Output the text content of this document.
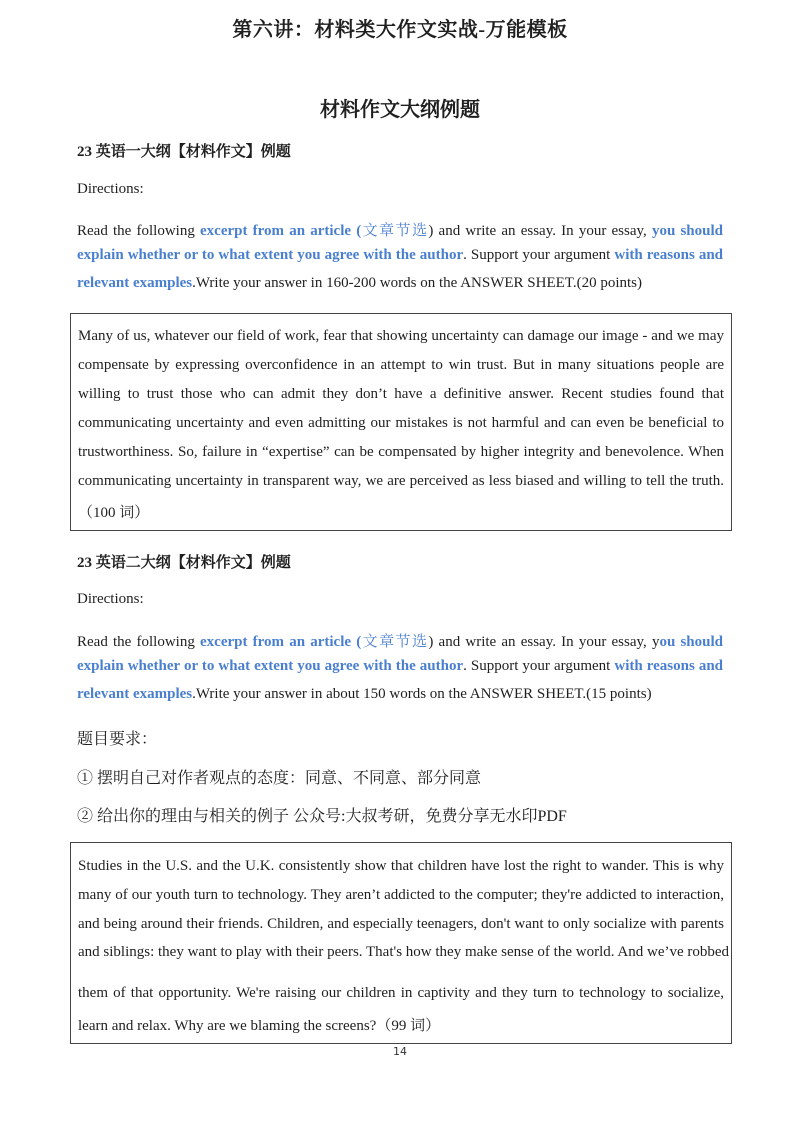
第六讲：材料类大作文实战-万能模板
材料作文大纲例题
23 英语一大纲【材料作文】例题
Directions:
Read the following excerpt from an article (文章节选) and write an essay. In your essay, you should
explain whether or to what extent you agree with the author. Support your argument with reasons and
relevant examples.Write your answer in 160-200 words on the ANSWER SHEET.(20 points)
Many of us, whatever our field of work, fear that showing uncertainty can damage our image - and we may
compensate by expressing overconfidence in an attempt to win trust. But in many situations people are
willing to trust those who can admit they don’t have a definitive answer. Recent studies found that
communicating uncertainty and even admitting our mistakes is not harmful and can even be beneficial to
trustworthiness. So, failure in “expertise” can be compensated by higher integrity and benevolence. When
communicating uncertainty in transparent way, we are perceived as less biased and willing to tell the truth.
（100 词）
23 英语二大纲【材料作文】例题
Directions:
Read the following excerpt from an article (文章节选) and write an essay. In your essay, you should
explain whether or to what extent you agree with the author. Support your argument with reasons and
relevant examples.Write your answer in about 150 words on the ANSWER SHEET.(15 points)
题目要求：
① 摆明自己对作者观点的态度：同意、不同意、部分同意
② 给出你的理由与相关的例子 公众号:大叔考研，免费分享无水印PDF
Studies in the U.S. and the U.K. consistently show that children have lost the right to wander. This is why
many of our youth turn to technology. They aren’t addicted to the computer; they're addicted to interaction,
and being around their friends. Children, and especially teenagers, don't want to only socialize with parents
and siblings: they want to play with their peers. That's how they make sense of the world. And we’ve robbed
them of that opportunity. We're raising our children in captivity and they turn to technology to socialize,
learn and relax. Why are we blaming the screens?（99 词）
14
